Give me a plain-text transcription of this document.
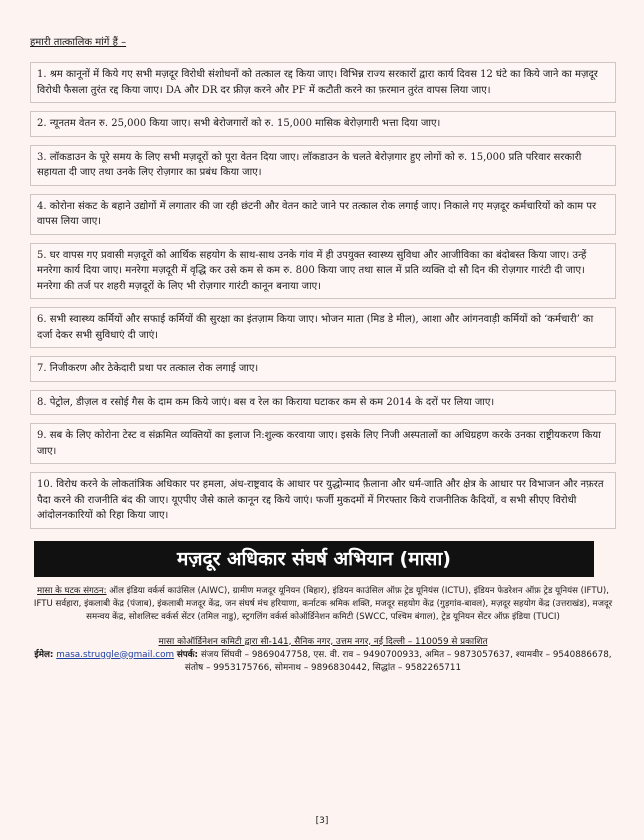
हमारी तात्कालिक मांगें हैं –

1. श्रम कानूनों में किये गए सभी मज़दूर विरोधी संशोधनों को तत्काल रद्द किया जाए। विभिन्न राज्य सरकारों द्वारा कार्य दिवस 12 घंटे का किये जाने का मज़दूर विरोधी फैसला तुरंत रद्द किया जाए। DA और DR दर फ्रीज़ करने और PF में कटौती करने का फ़रमान तुरंत वापस लिया जाए।
2. न्यूनतम वेतन रु. 25,000 किया जाए। सभी बेरोजगारों को रु. 15,000 मासिक बेरोज़गारी भत्ता दिया जाए।
3. लॉकडाउन के पूरे समय के लिए सभी मज़दूरों को पूरा वेतन दिया जाए। लॉकडाउन के चलते बेरोज़गार हुए लोगों को रु. 15,000 प्रति परिवार सरकारी सहायता दी जाए तथा उनके लिए रोज़गार का प्रबंध किया जाए।
4. कोरोना संकट के बहाने उद्योगों में लगातार की जा रही छंटनी और वेतन काटे जाने पर तत्काल रोक लगाई जाए। निकाले गए मज़दूर कर्मचारियों को काम पर वापस लिया जाए।
5. घर वापस गए प्रवासी मज़दूरों को आर्थिक सहयोग के साथ-साथ उनके गांव में ही उपयुक्त स्वास्थ्य सुविधा और आजीविका का बंदोबस्त किया जाए। उन्हें मनरेगा कार्य दिया जाए। मनरेगा मज़दूरी में वृद्धि कर उसे कम से कम रु. 800 किया जाए तथा साल में प्रति व्यक्ति दो सौ दिन की रोज़गार गारंटी दी जाए। मनरेगा की तर्ज पर शहरी मज़दूरों के लिए भी रोज़गार गारंटी कानून बनाया जाए।
6. सभी स्वास्थ्य कर्मियों और सफाई कर्मियों की सुरक्षा का इंतज़ाम किया जाए। भोजन माता (मिड डे मील), आशा और आंगनवाड़ी कर्मियों को ‘कर्मचारी’ का दर्जा देकर सभी सुविधाएं दी जाएं।
7. निजीकरण और ठेकेदारी प्रथा पर तत्काल रोक लगाई जाए।
8. पेट्रोल, डीज़ल व रसोई गैस के दाम कम किये जाएं। बस व रेल का किराया घटाकर कम से कम 2014 के दरों पर लिया जाए।
9. सब के लिए कोरोना टेस्ट व संक्रमित व्यक्तियों का इलाज नि:शुल्क करवाया जाए। इसके लिए निजी अस्पतालों का अधिग्रहण करके उनका राष्ट्रीयकरण किया जाए।
10. विरोध करने के लोकतांत्रिक अधिकार पर हमला, अंध-राष्ट्रवाद के आधार पर युद्धोन्माद फ़ैलाना और धर्म-जाति और क्षेत्र के आधार पर विभाजन और नफ़रत पैदा करने की राजनीति बंद की जाए। यूएपीए जैसे काले कानून रद्द किये जाएं। फर्जी मुकदमों में गिरफ्तार किये राजनीतिक कैदियों, व सभी सीएए विरोधी आंदोलनकारियों को रिहा किया जाए।
मज़दूर अधिकार संघर्ष अभियान (मासा)
मासा के घटक संगठन: ऑल इंडिया वर्कर्स काउंसिल (AIWC), ग्रामीण मजदूर यूनियन (बिहार), इंडियन काउंसिल ऑफ़ ट्रेड यूनियंस (ICTU), इंडियन फेडरेशन ऑफ़ ट्रेड यूनियंस (IFTU), IFTU सर्वहारा, इंकलाबी केंद्र (पंजाब), इंकलाबी मजदूर केंद्र, जन संघर्ष मंच हरियाणा, कर्नाटक श्रमिक शक्ति, मजदूर सहयोग केंद्र (गुड़गांव-बावल), मज़दूर सहयोग केंद्र (उत्तराखंड), मजदूर समन्वय केंद्र, सोशलिस्ट वर्कर्स सेंटर (तमिल नाडु), स्ट्रगलिंग वर्कर्स कोऑर्डिनेशन कमिटी (SWCC, पश्चिम बंगाल), ट्रेड यूनियन सेंटर ऑफ़ इंडिया (TUCI)
मासा कोऑर्डिनेशन कमिटी द्वारा सी-141, सैनिक नगर, उत्तम नगर, नई दिल्ली – 110059 से प्रकाशित
ईमेल: masa.struggle@gmail.com संपर्क: संजय सिंघवी – 9869047758, एस. वी. राव – 9490700933, अमित – 9873057637, श्यामवीर – 9540886678, संतोष – 9953175766, सोमनाथ – 9896830442, सिद्धांत – 9582265711
[3]
